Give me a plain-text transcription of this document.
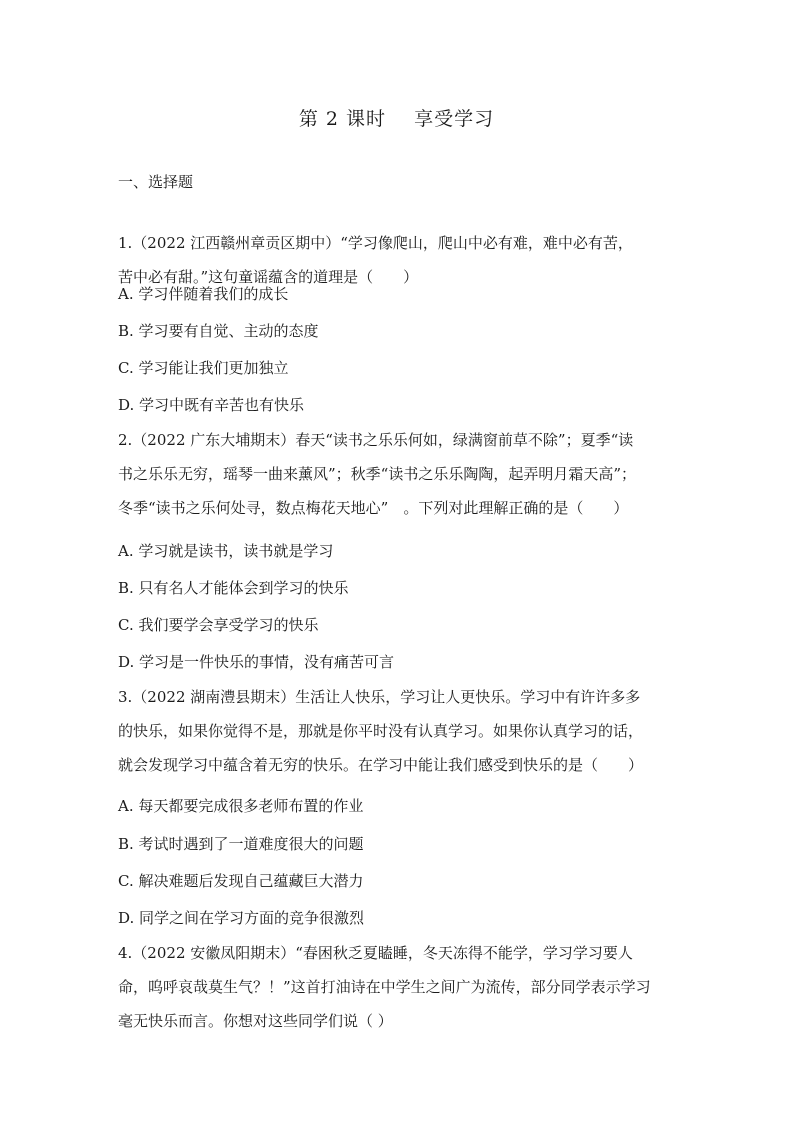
第 2 课时    享受学习
一、选择题
1.（2022 江西赣州章贡区期中）“学习像爬山，爬山中必有难，难中必有苦，
苦中必有甜。”这句童谣蕴含的道理是（　　）
A. 学习伴随着我们的成长
B. 学习要有自觉、主动的态度
C. 学习能让我们更加独立
D. 学习中既有辛苦也有快乐
2.（2022 广东大埔期末）春天“读书之乐乐何如，绿满窗前草不除”；夏季“读
书之乐乐无穷，瑶琴一曲来薰风”；秋季“读书之乐乐陶陶，起弄明月霜天高”；
冬季“读书之乐何处寻，数点梅花天地心”　。下列对此理解正确的是（　　）
A. 学习就是读书，读书就是学习
B. 只有名人才能体会到学习的快乐
C. 我们要学会享受学习的快乐
D. 学习是一件快乐的事情，没有痛苦可言
3.（2022 湖南澧县期末）生活让人快乐，学习让人更快乐。学习中有许许多多
的快乐，如果你觉得不是，那就是你平时没有认真学习。如果你认真学习的话，
就会发现学习中蕴含着无穷的快乐。在学习中能让我们感受到快乐的是（　　）
A. 每天都要完成很多老师布置的作业
B. 考试时遇到了一道难度很大的问题
C. 解决难题后发现自己蕴藏巨大潜力
D. 同学之间在学习方面的竞争很激烈
4.（2022 安徽凤阳期末）“春困秋乏夏瞌睡，冬天冻得不能学，学习学习要人
命，呜呼哀哉莫生气？！”这首打油诗在中学生之间广为流传，部分同学表示学习
毫无快乐而言。你想对这些同学们说（ ）
